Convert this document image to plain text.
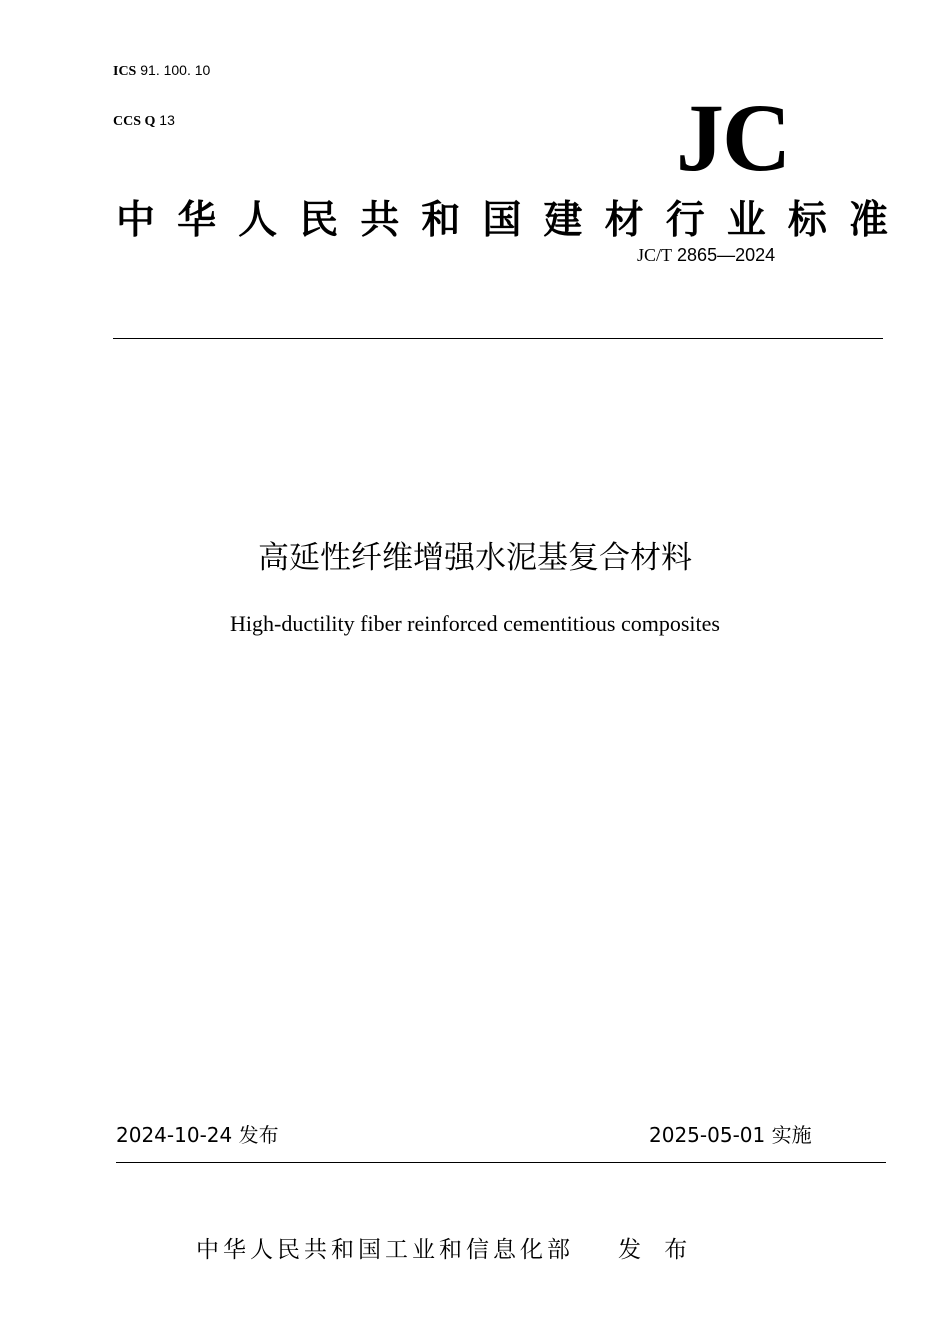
ICS 91. 100. 10
CCS Q 13	JC
中 华 人 民 共 和 国 建 材 行 业 标 准
JC/T 2865—2024
高延性纤维增强水泥基复合材料
High-ductility fiber reinforced cementitious composites
2024-10-24 发布	2025-05-01 实施
中华人民共和国工业和信息化部 发 布
